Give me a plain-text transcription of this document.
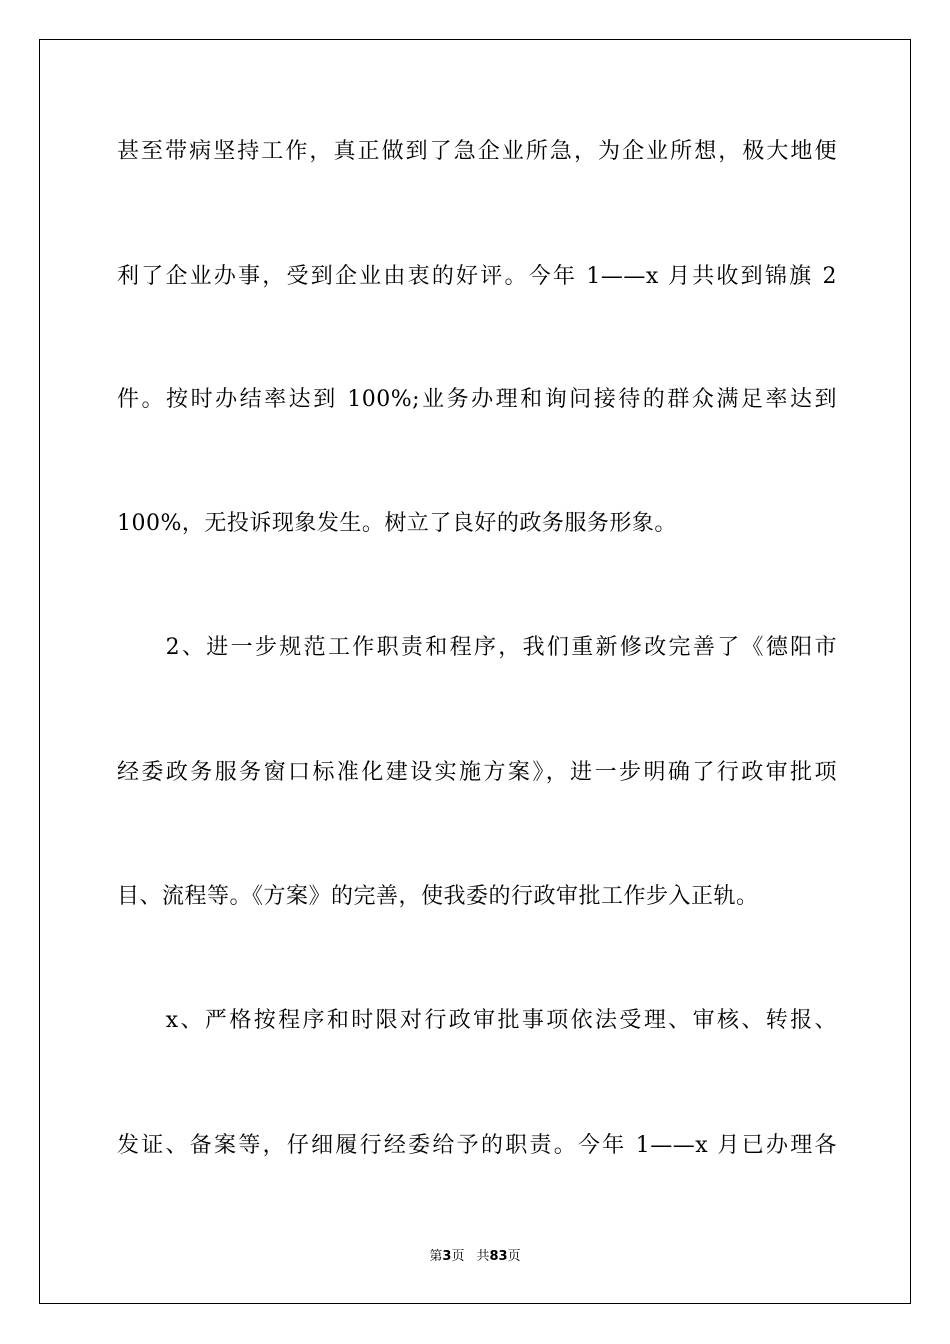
甚至带病坚持工作，真正做到了急企业所急，为企业所想，极大地便
利了企业办事，受到企业由衷的好评。今年 1——x 月共收到锦旗 2
件。按时办结率达到 100%;业务办理和询问接待的群众满足率达到
100%，无投诉现象发生。树立了良好的政务服务形象。
　　2、进一步规范工作职责和程序，我们重新修改完善了《德阳市
经委政务服务窗口标准化建设实施方案》，进一步明确了行政审批项
目、流程等。《方案》的完善，使我委的行政审批工作步入正轨。
　　x、严格按程序和时限对行政审批事项依法受理、审核、转报、
发证、备案等，仔细履行经委给予的职责。今年 1——x 月已办理各
第3页 共83页
